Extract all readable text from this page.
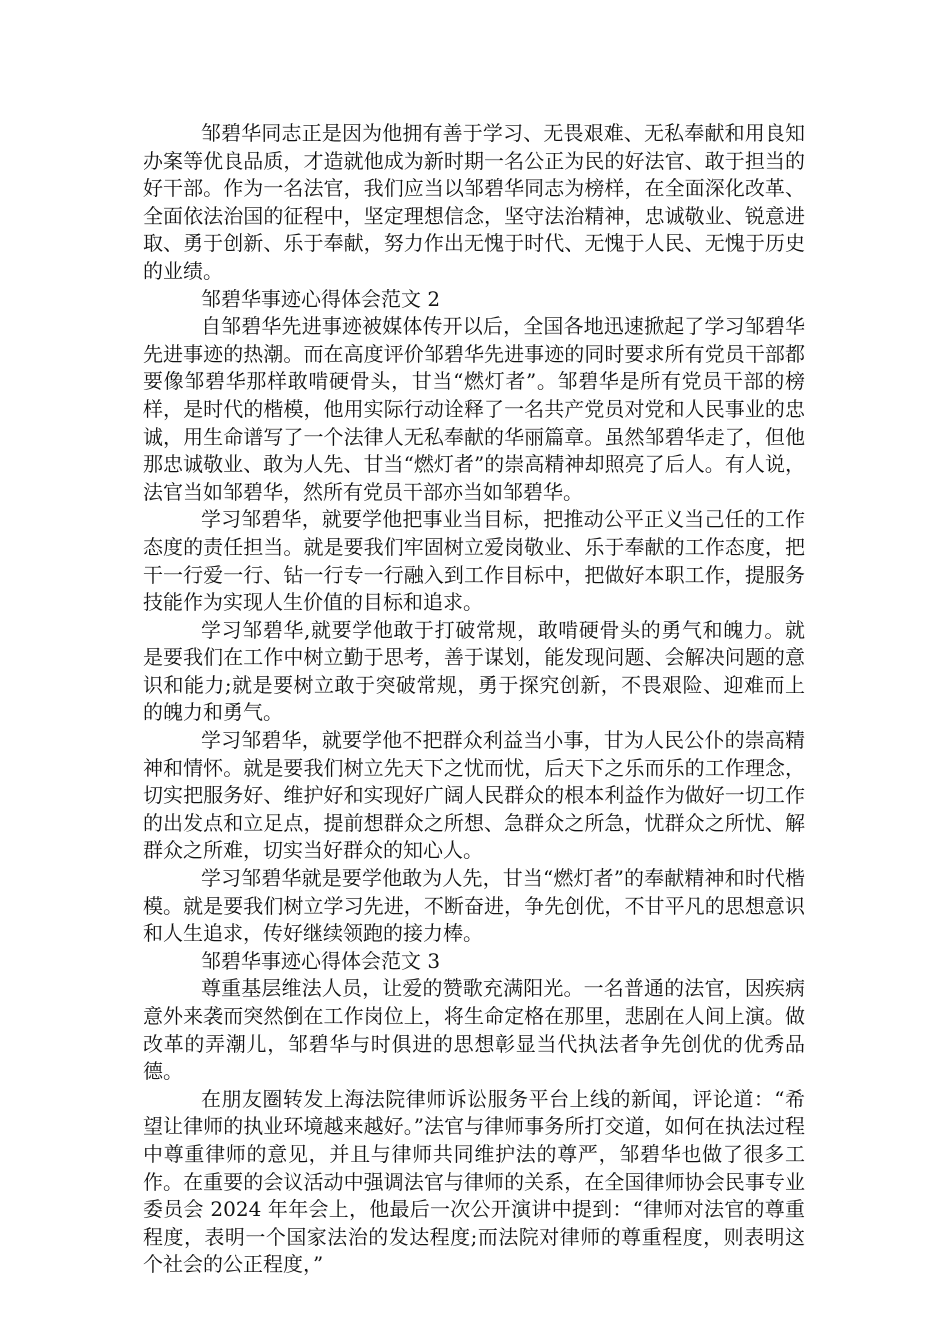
邹碧华同志正是因为他拥有善于学习、无畏艰难、无私奉献和用良知办案等优良品质，才造就他成为新时期一名公正为民的好法官、敢于担当的好干部。作为一名法官，我们应当以邹碧华同志为榜样，在全面深化改革、全面依法治国的征程中，坚定理想信念，坚守法治精神，忠诚敬业、锐意进取、勇于创新、乐于奉献，努力作出无愧于时代、无愧于人民、无愧于历史的业绩。

邹碧华事迹心得体会范文 2

自邹碧华先进事迹被媒体传开以后，全国各地迅速掀起了学习邹碧华先进事迹的热潮。而在高度评价邹碧华先进事迹的同时要求所有党员干部都要像邹碧华那样敢啃硬骨头，甘当“燃灯者”。邹碧华是所有党员干部的榜样，是时代的楷模，他用实际行动诠释了一名共产党员对党和人民事业的忠诚，用生命谱写了一个法律人无私奉献的华丽篇章。虽然邹碧华走了，但他那忠诚敬业、敢为人先、甘当“燃灯者”的崇高精神却照亮了后人。有人说，法官当如邹碧华，然所有党员干部亦当如邹碧华。

学习邹碧华，就要学他把事业当目标，把推动公平正义当己任的工作态度的责任担当。就是要我们牢固树立爱岗敬业、乐于奉献的工作态度，把干一行爱一行、钻一行专一行融入到工作目标中，把做好本职工作，提服务技能作为实现人生价值的目标和追求。

学习邹碧华,就要学他敢于打破常规，敢啃硬骨头的勇气和魄力。就是要我们在工作中树立勤于思考，善于谋划，能发现问题、会解决问题的意识和能力;就是要树立敢于突破常规，勇于探究创新，不畏艰险、迎难而上的魄力和勇气。

学习邹碧华，就要学他不把群众利益当小事，甘为人民公仆的崇高精神和情怀。就是要我们树立先天下之忧而忧，后天下之乐而乐的工作理念，切实把服务好、维护好和实现好广阔人民群众的根本利益作为做好一切工作的出发点和立足点，提前想群众之所想、急群众之所急，忧群众之所忧、解群众之所难，切实当好群众的知心人。

学习邹碧华就是要学他敢为人先，甘当“燃灯者”的奉献精神和时代楷模。就是要我们树立学习先进，不断奋进，争先创优，不甘平凡的思想意识和人生追求，传好继续领跑的接力棒。

邹碧华事迹心得体会范文 3

尊重基层维法人员，让爱的赞歌充满阳光。一名普通的法官，因疾病意外来袭而突然倒在工作岗位上，将生命定格在那里，悲剧在人间上演。做改革的弄潮儿，邹碧华与时俱进的思想彰显当代执法者争先创优的优秀品德。

在朋友圈转发上海法院律师诉讼服务平台上线的新闻，评论道：“希望让律师的执业环境越来越好。”法官与律师事务所打交道，如何在执法过程中尊重律师的意见，并且与律师共同维护法的尊严，邹碧华也做了很多工作。在重要的会议活动中强调法官与律师的关系，在全国律师协会民事专业委员会 2024 年年会上，他最后一次公开演讲中提到：“律师对法官的尊重程度，表明一个国家法治的发达程度;而法院对律师的尊重程度，则表明这个社会的公正程度，”
